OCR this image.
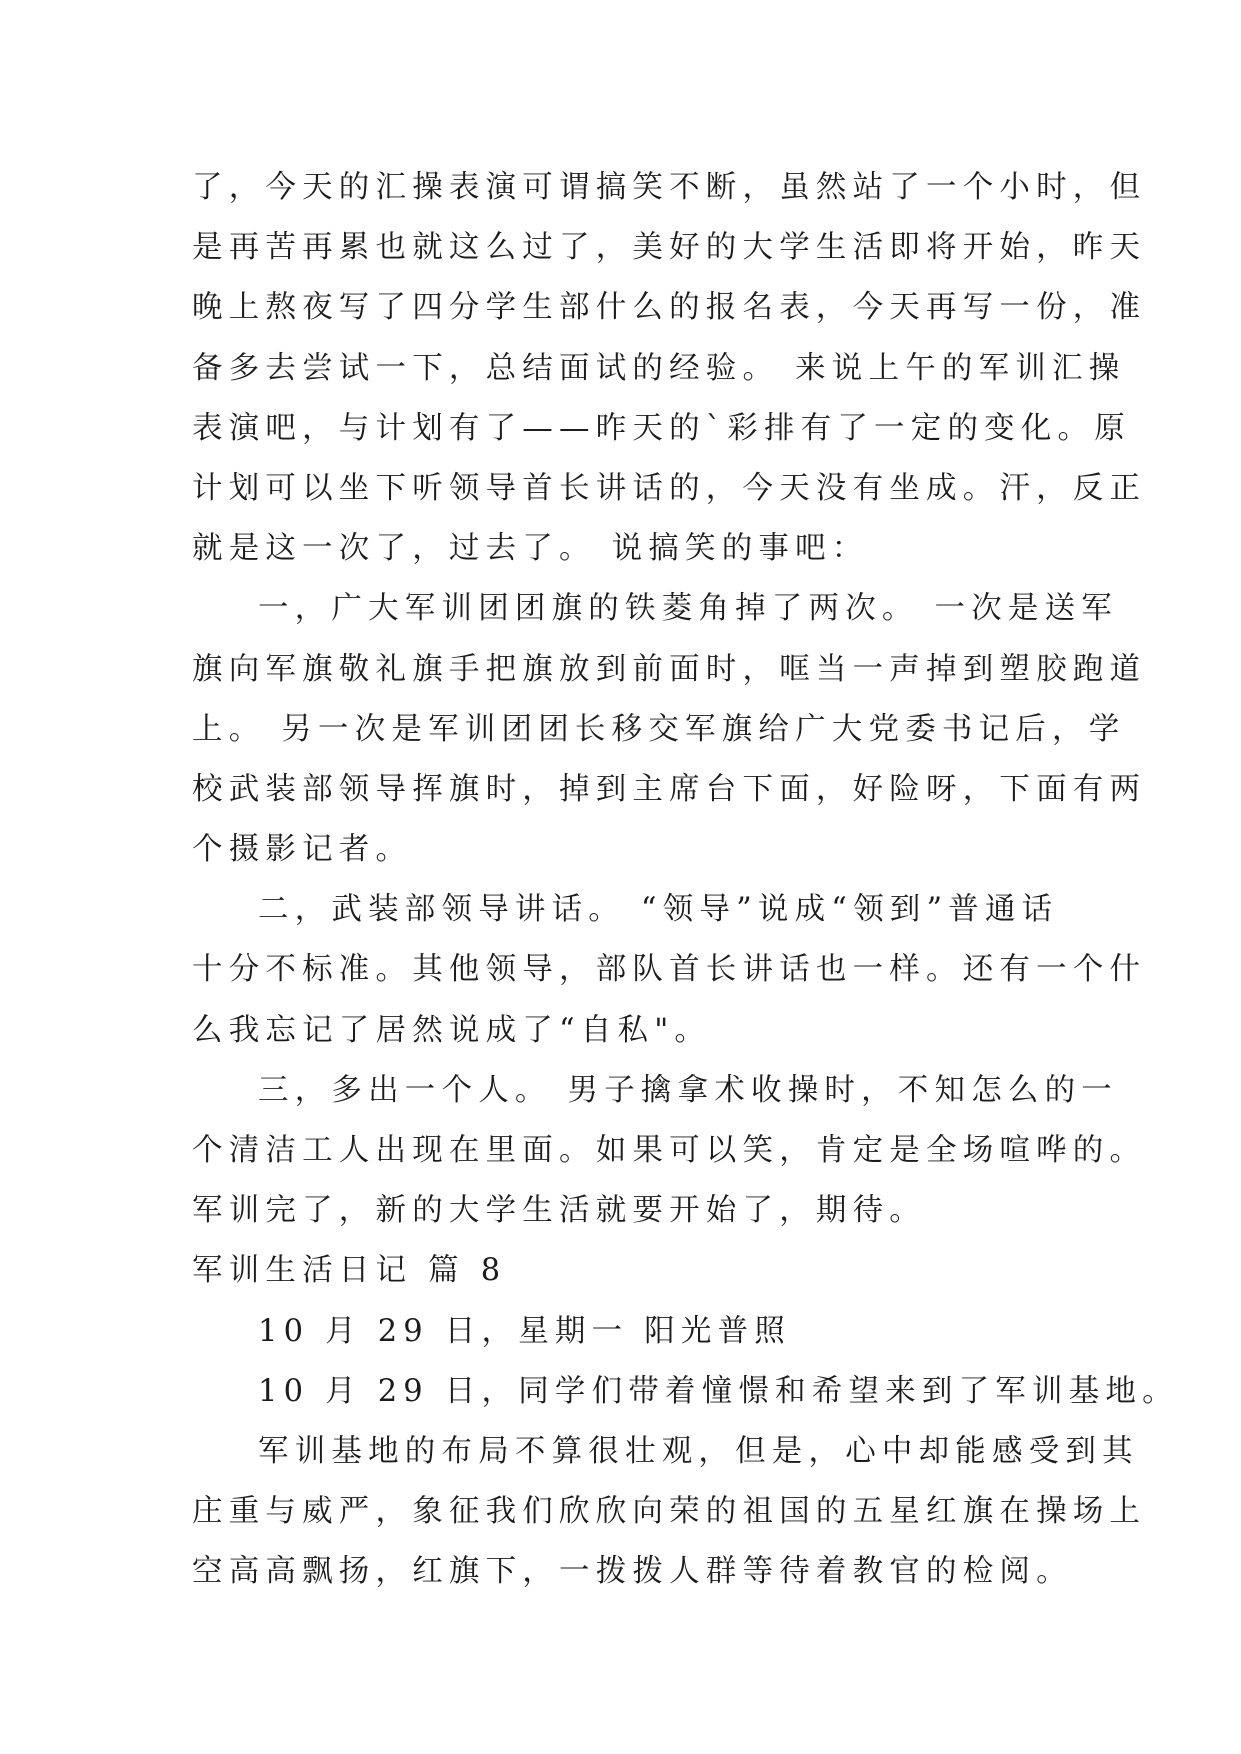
了，今天的汇操表演可谓搞笑不断，虽然站了一个小时，但
是再苦再累也就这么过了，美好的大学生活即将开始，昨天
晚上熬夜写了四分学生部什么的报名表，今天再写一份，准
备多去尝试一下，总结面试的经验。 来说上午的军训汇操
表演吧，与计划有了——昨天的`彩排有了一定的变化。原
计划可以坐下听领导首长讲话的，今天没有坐成。汗，反正
就是这一次了，过去了。 说搞笑的事吧：
一，广大军训团团旗的铁菱角掉了两次。 一次是送军
旗向军旗敬礼旗手把旗放到前面时，哐当一声掉到塑胶跑道
上。 另一次是军训团团长移交军旗给广大党委书记后，学
校武装部领导挥旗时，掉到主席台下面，好险呀，下面有两
个摄影记者。
二，武装部领导讲话。 “领导”说成“领到”普通话
十分不标准。其他领导，部队首长讲话也一样。还有一个什
么我忘记了居然说成了“自私"。
三，多出一个人。 男子擒拿术收操时，不知怎么的一
个清洁工人出现在里面。如果可以笑，肯定是全场喧哗的。
军训完了，新的大学生活就要开始了，期待。
军训生活日记 篇 8
10 月 29 日，星期一 阳光普照
10 月 29 日，同学们带着憧憬和希望来到了军训基地。
军训基地的布局不算很壮观，但是，心中却能感受到其
庄重与威严，象征我们欣欣向荣的祖国的五星红旗在操场上
空高高飘扬，红旗下，一拨拨人群等待着教官的检阅。
